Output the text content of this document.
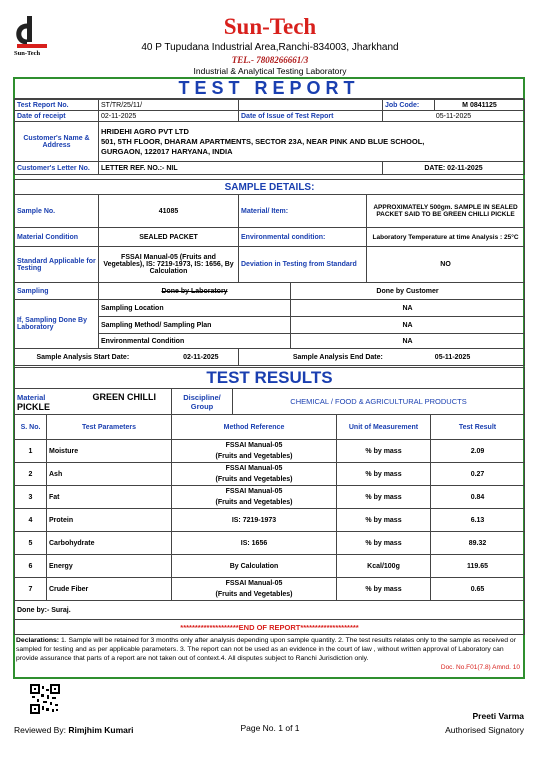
Sun-Tech
Sun-Tech
40 P Tupudana Industrial Area,Ranchi-834003, Jharkhand
TEL.- 7808266661/3
Industrial & Analytical Testing Laboratory
TEST REPORT
Test Report No.	ST/TR/25/11/		Job Code:	M 0841125
Date of receipt	02-11-2025	Date of Issue of Test Report	05-11-2025	
Customer's Name & Address	HRIDEHI AGRO PVT LTD
501, 5TH FLOOR, DHARAM APARTMENTS, SECTOR 23A, NEAR PINK AND BLUE SCHOOL,
GURGAON, 122017 HARYANA, INDIA			

Customer's Letter No.	LETTER REF. NO.:- NIL		DATE: 02-11-2025	
SAMPLE DETAILS:				
Sample No.	41085	Material/ Item:		APPROXIMATELY 500gm. SAMPLE IN SEALED PACKET SAID TO BE GREEN CHILLI PICKLE
Material Condition	SEALED PACKET	Environmental condition:		Laboratory Temperature at time Analysis : 25°C
Standard Applicable for Testing	FSSAI Manual-05 (Fruits and Vegetables), IS: 7219-1973, IS: 1656, By Calculation	Deviation in Testing from Standard		NO
Sampling	Done by Laboratory		Done by Customer	
If, Sampling Done By Laboratory	Sampling Location		NA	
	Sampling Method/ Sampling Plan		NA	
	Environmental Condition		NA	
Sample Analysis Start Date: 02-11-2025		Sample Analysis End Date: 05-11-2025		
TEST RESULTS				
Material GREEN CHILLI PICKLE		Discipline/ Group CHEMICAL / FOOD & AGRICULTURAL PRODUCTS		

S. No.	Test Parameters	Method Reference	Unit of Measurement	Test Result
1	Moisture	FSSAI Manual-05
(Fruits and Vegetables)	% by mass	2.09
2	Ash	FSSAI Manual-05
(Fruits and Vegetables)	% by mass	0.27
3	Fat	FSSAI Manual-05
(Fruits and Vegetables)	% by mass	0.84
4	Protein	IS: 7219-1973	% by mass	6.13
5	Carbohydrate	IS: 1656	% by mass	89.32
6	Energy	By Calculation	Kcal/100g	119.65
7	Crude Fiber	FSSAI Manual-05
(Fruits and Vegetables)	% by mass	0.65
Done by:- Suraj.				
********************END OF REPORT********************				
Declarations: 1. Sample will be retained for 3 months only after analysis depending upon sample quantity. 2. The test results relates only to the sample as received or sampled for testing and as per applicable parameters. 3. The report can not be used as an evidence in the court of law , without written approval of Laboratory can provide assurance that parts of a report are not taken out of context.4. All disputes subject to Ranchi Jurisdiction only.
Doc. No.F01(7.8) Amnd. 10
Reviewed By: Rimjhim Kumari	Page No. 1 of 1
Preeti Varma
Authorised Signatory
